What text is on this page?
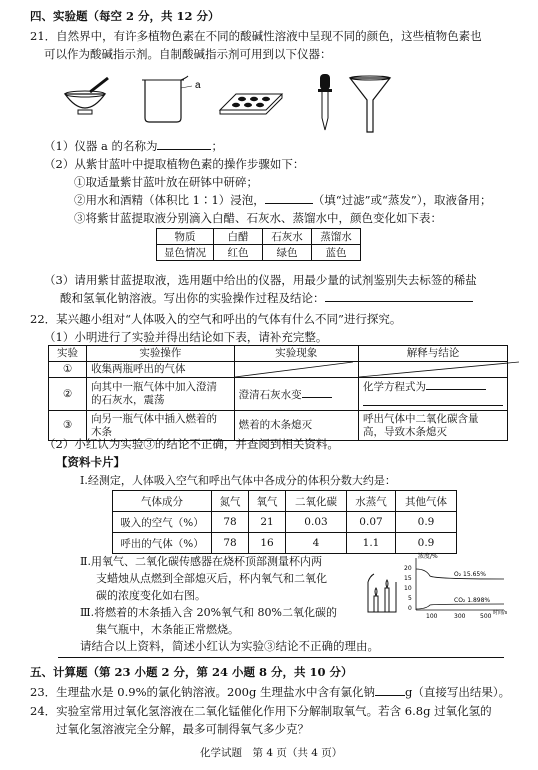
四、实验题（每空 2 分，共 12 分）
21．自然界中，有许多植物色素在不同的酸碱性溶液中呈现不同的颜色，这些植物色素也
可以作为酸碱指示剂。自制酸碱指示剂可用到以下仪器：
a
（1）仪器 a 的名称为	；
（2）从紫甘蓝叶中提取植物色素的操作步骤如下：
①取适量紫甘蓝叶放在研钵中研碎；
②用水和酒精（体积比 1∶1）浸泡，	（填“过滤”或“蒸发”），取液备用；
③将紫甘蓝提取液分别滴入白醋、石灰水、蒸馏水中，颜色变化如下表：
物质	白醋	石灰水	蒸馏水
显色情况	红色	绿色	蓝色
（3）请用紫甘蓝提取液，选用题中给出的仪器，用最少量的试剂鉴别失去标签的稀盐
酸和氢氧化钠溶液。写出你的实验操作过程及结论：
22．某兴趣小组对“人体吸入的空气和呼出的气体有什么不同”进行探究。
（1）小明进行了实验并得出结论如下表，请补充完整。
实验	实验操作	实验现象	解释与结论
①	收集两瓶呼出的气体	

②	向其中一瓶气体中加入澄清
的石灰水，震荡	澄清石灰水变	化学方程式为

③	向另一瓶气体中插入燃着的
木条	燃着的木条熄灭	呼出气体中二氧化碳含量
高，导致木条熄灭
（2）小红认为实验③的结论不正确，并查阅到相关资料。
【资料卡片】
Ⅰ.经测定，人体吸入空气和呼出气体中各成分的体积分数大约是：
气体成分	氮气	氧气	二氧化碳	水蒸气	其他气体
吸入的空气（%）	78	21	0.03	0.07	0.9
呼出的气体（%）	78	16	4	1.1	0.9
Ⅱ.用氧气、二氧化碳传感器在烧杯顶部测量杯内两
支蜡烛从点燃到全部熄灭后，杯内氧气和二氧化
碳的浓度变化如右图。
Ⅲ.将燃着的木条插入含 20%氧气和 80%二氧化碳的
集气瓶中，木条能正常燃烧。
浓度/%
20
15
10
5
0
O₂ 15.65%
CO₂ 1.898%
100	300 500 时间/s
请结合以上资料，简述小红认为实验③结论不正确的理由。
五、计算题（第 23 小题 2 分，第 24 小题 8 分，共 10 分）
23．生理盐水是 0.9%的氯化钠溶液。200g 生理盐水中含有氯化钠	g（直接写出结果）。
24．实验室常用过氧化氢溶液在二氧化锰催化作用下分解制取氧气。若含 6.8g 过氧化氢的
过氧化氢溶液完全分解，最多可制得氧气多少克？
化学试题　第 4 页（共 4 页）
